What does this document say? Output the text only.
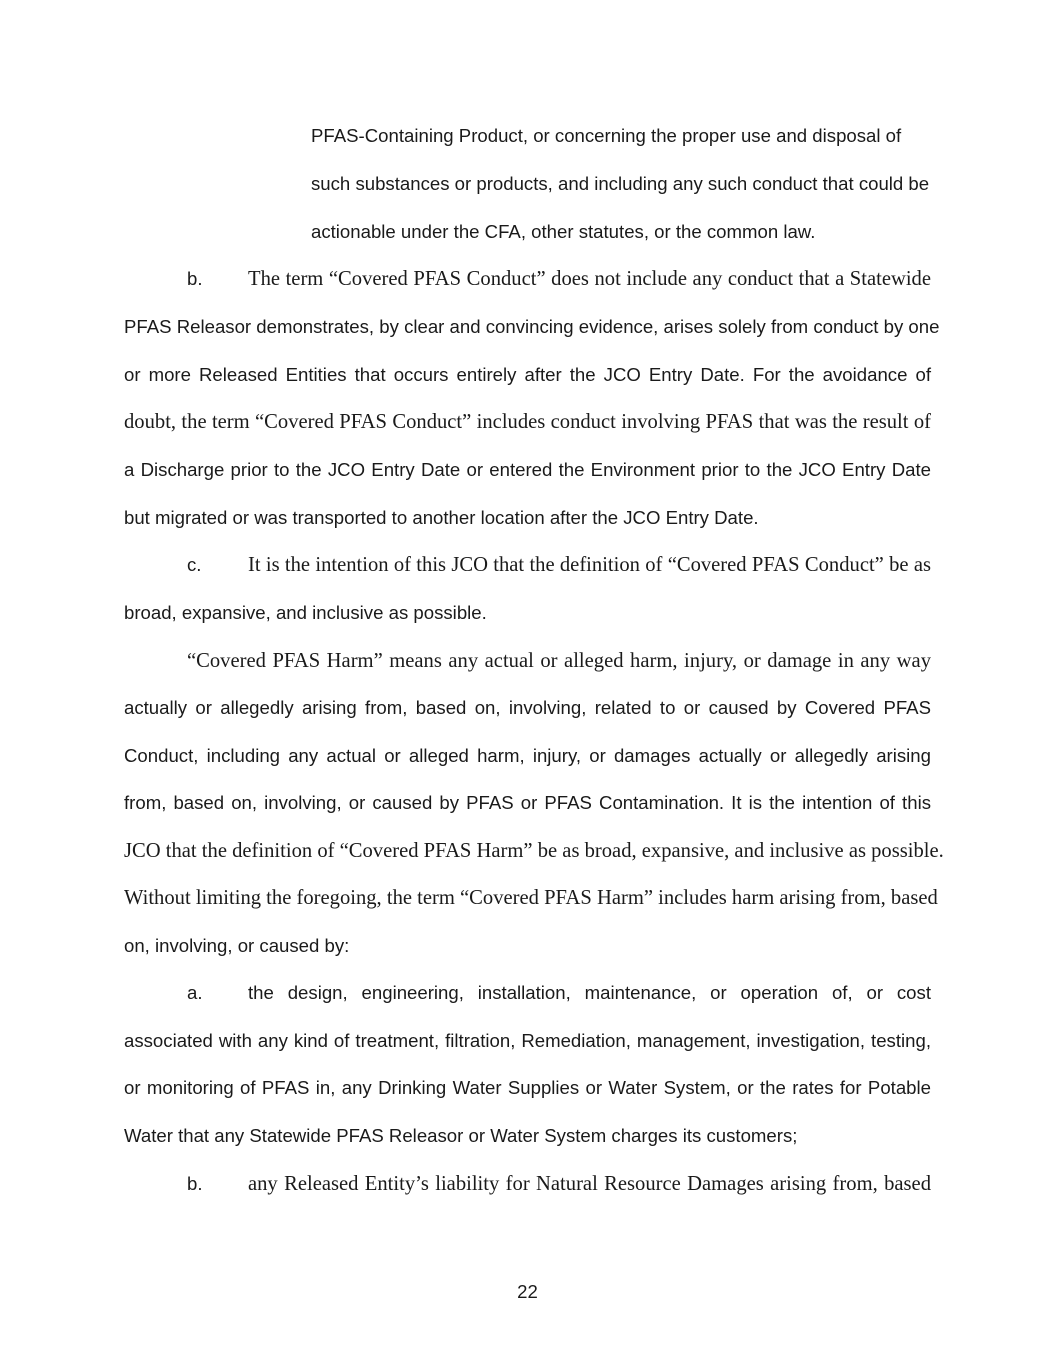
PFAS-Containing Product, or concerning the proper use and disposal of
such substances or products, and including any such conduct that could be
actionable under the CFA, other statutes, or the common law.
b. The term “Covered PFAS Conduct” does not include any conduct that a Statewide
PFAS Releasor demonstrates, by clear and convincing evidence, arises solely from conduct by one
or more Released Entities that occurs entirely after the JCO Entry Date. For the avoidance of
doubt, the term “Covered PFAS Conduct” includes conduct involving PFAS that was the result of
a Discharge prior to the JCO Entry Date or entered the Environment prior to the JCO Entry Date
but migrated or was transported to another location after the JCO Entry Date.
c. It is the intention of this JCO that the definition of “Covered PFAS Conduct” be as
broad, expansive, and inclusive as possible.
“Covered PFAS Harm” means any actual or alleged harm, injury, or damage in any way
actually or allegedly arising from, based on, involving, related to or caused by Covered PFAS
Conduct, including any actual or alleged harm, injury, or damages actually or allegedly arising
from, based on, involving, or caused by PFAS or PFAS Contamination. It is the intention of this
JCO that the definition of “Covered PFAS Harm” be as broad, expansive, and inclusive as possible.
Without limiting the foregoing, the term “Covered PFAS Harm” includes harm arising from, based
on, involving, or caused by:
a. the design, engineering, installation, maintenance, or operation of, or cost
associated with any kind of treatment, filtration, Remediation, management, investigation, testing,
or monitoring of PFAS in, any Drinking Water Supplies or Water System, or the rates for Potable
Water that any Statewide PFAS Releasor or Water System charges its customers;
b. any Released Entity’s liability for Natural Resource Damages arising from, based
22
